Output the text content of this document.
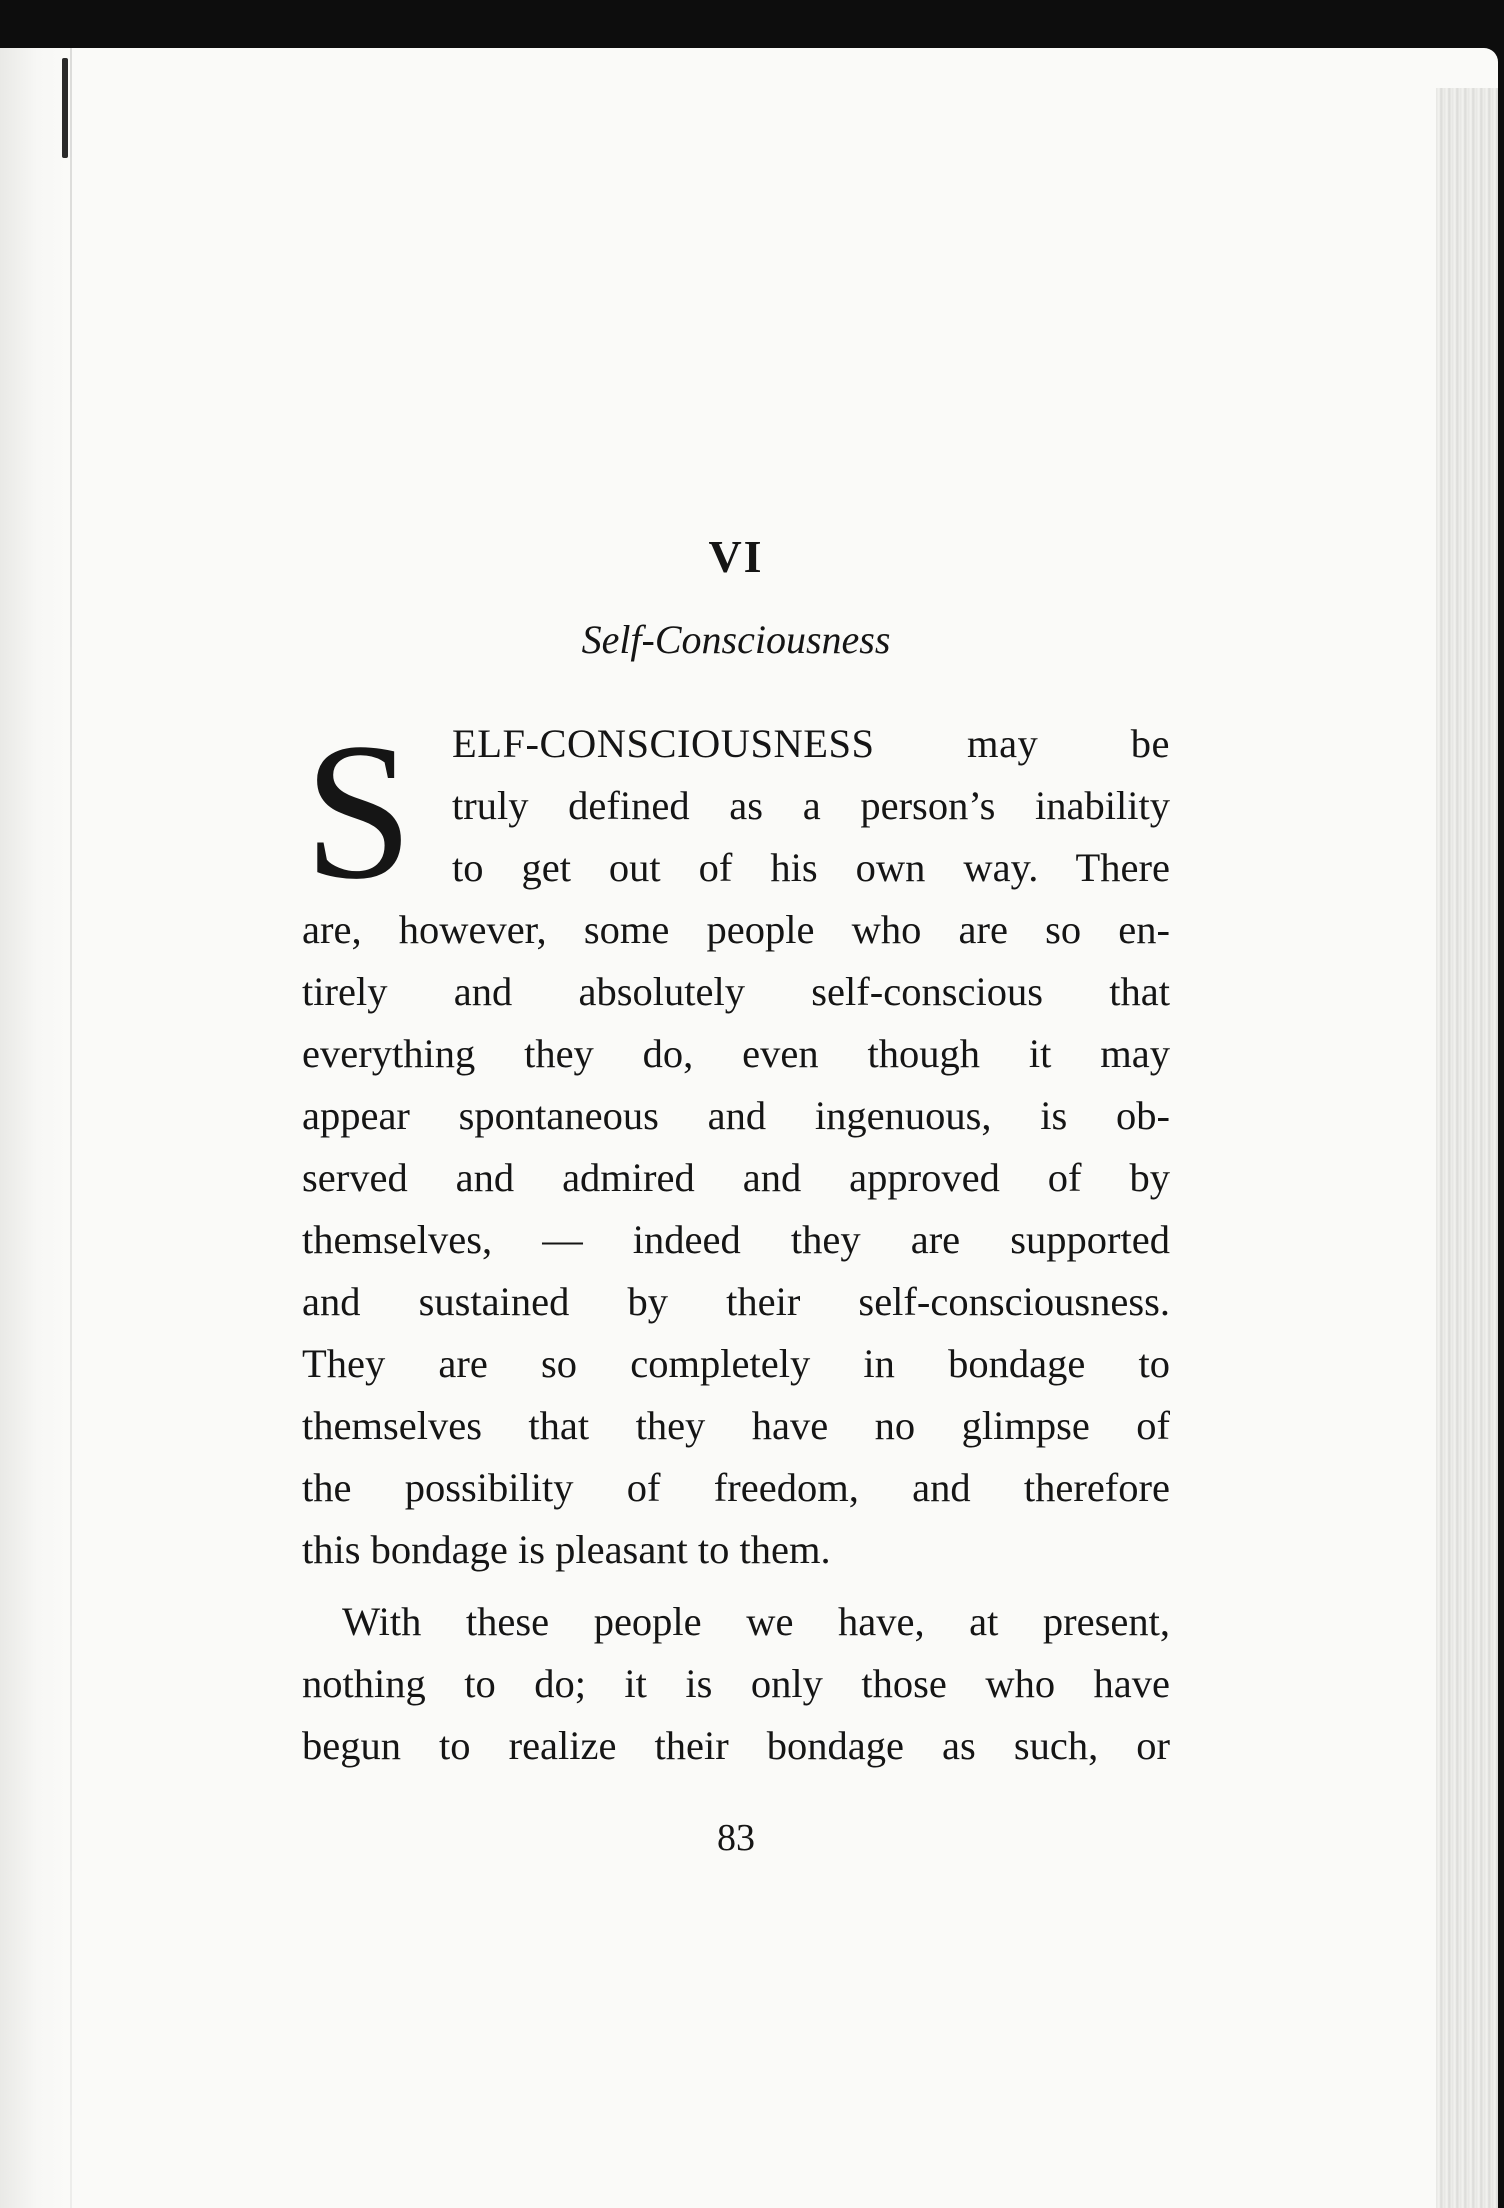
VI
Self-Consciousness
S ELF-CONSCIOUSNESS may be
truly defined as a person’s inability
to get out of his own way. There
are, however, some people who are so en-
tirely and absolutely self-conscious that
everything they do, even though it may
appear spontaneous and ingenuous, is ob-
served and admired and approved of by
themselves, — indeed they are supported
and sustained by their self-consciousness.
They are so completely in bondage to
themselves that they have no glimpse of
the possibility of freedom, and therefore
this bondage is pleasant to them.
With these people we have, at present,
nothing to do; it is only those who have
begun to realize their bondage as such, or
83
